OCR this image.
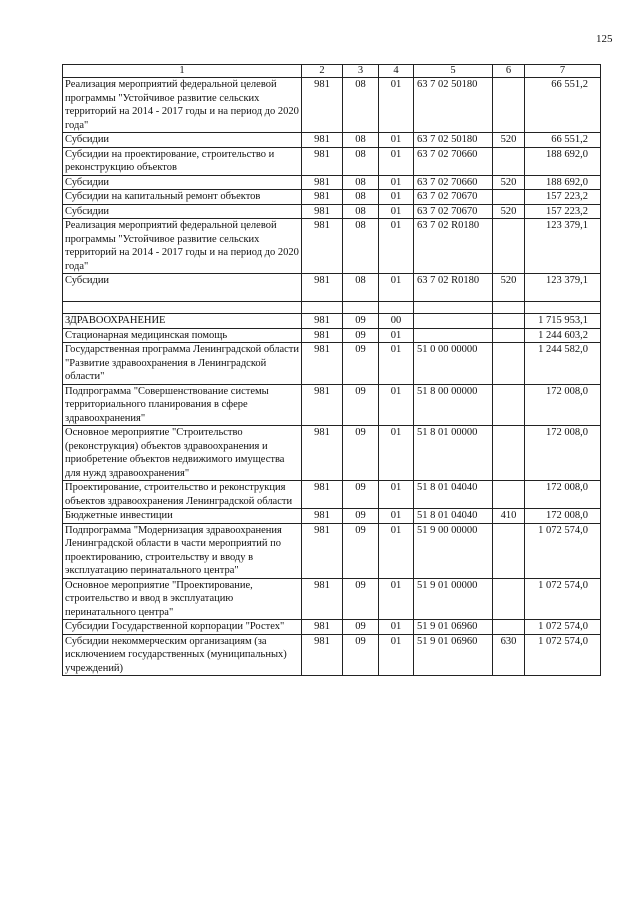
125
1	2	3	4	5	6	7
Реализация мероприятий федеральной целевой программы "Устойчивое развитие сельских территорий на 2014 - 2017 годы и на период до 2020 года"	981	08	01	63 7 02 50180		66 551,2
Субсидии	981	08	01	63 7 02 50180	520	66 551,2
Субсидии на проектирование, строительство и реконструкцию объектов	981	08	01	63 7 02 70660		188 692,0
Субсидии	981	08	01	63 7 02 70660	520	188 692,0
Субсидии на капитальный ремонт объектов	981	08	01	63 7 02 70670		157 223,2
Субсидии	981	08	01	63 7 02 70670	520	157 223,2
Реализация мероприятий федеральной целевой программы "Устойчивое развитие сельских территорий на 2014 - 2017 годы и на период до 2020 года"	981	08	01	63 7 02 R0180		123 379,1
Субсидии	981	08	01	63 7 02 R0180	520	123 379,1

ЗДРАВООХРАНЕНИЕ	981	09	00			1 715 953,1
Стационарная медицинская помощь	981	09	01			1 244 603,2
Государственная программа Ленинградской области "Развитие здравоохранения в Ленинградской области"	981	09	01	51 0 00 00000		1 244 582,0
Подпрограмма "Совершенствование системы территориального планирования в сфере здравоохранения"	981	09	01	51 8 00 00000		172 008,0
Основное мероприятие "Строительство (реконструкция) объектов здравоохранения и приобретение объектов недвижимого имущества для нужд здравоохранения"	981	09	01	51 8 01 00000		172 008,0
Проектирование, строительство и реконструкция объектов здравоохранения Ленинградской области	981	09	01	51 8 01 04040		172 008,0
Бюджетные инвестиции	981	09	01	51 8 01 04040	410	172 008,0
Подпрограмма "Модернизация здравоохранения Ленинградской области в части мероприятий по проектированию, строительству и вводу в эксплуатацию перинатального центра"	981	09	01	51 9 00 00000		1 072 574,0
Основное мероприятие "Проектирование, строительство и ввод в эксплуатацию перинатального центра"	981	09	01	51 9 01 00000		1 072 574,0
Субсидии Государственной корпорации "Ростех"	981	09	01	51 9 01 06960		1 072 574,0
Субсидии некоммерческим организациям (за исключением государственных (муниципальных) учреждений)	981	09	01	51 9 01 06960	630	1 072 574,0
